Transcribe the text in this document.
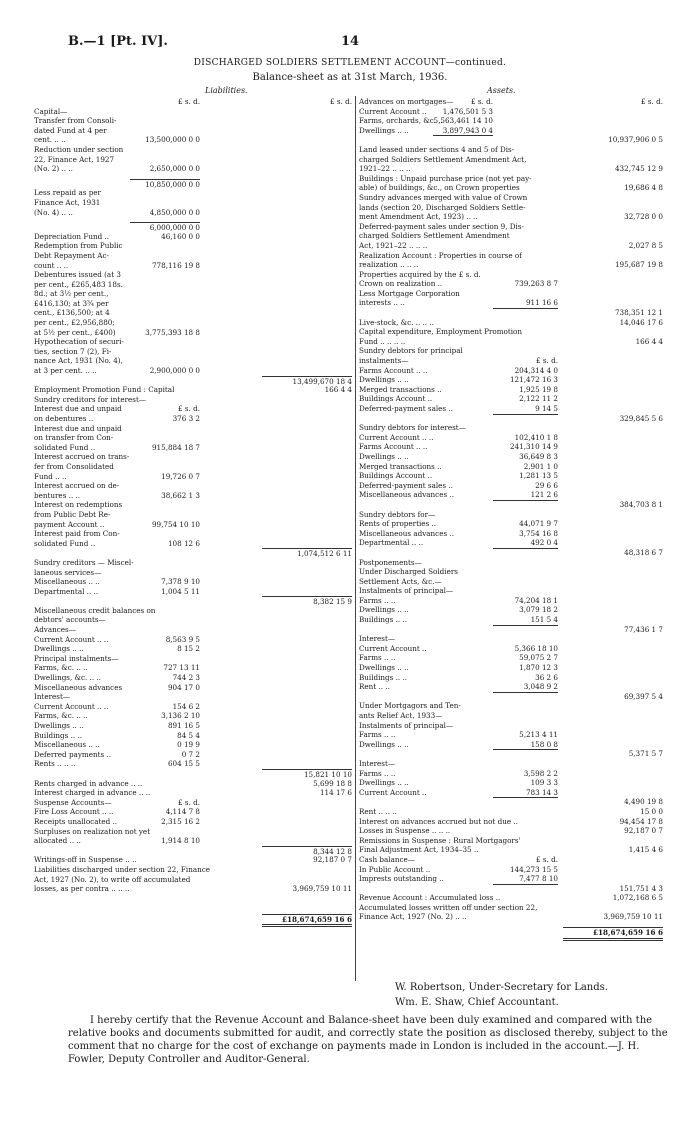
B.—1 [Pt. IV].	14
DISCHARGED SOLDIERS SETTLEMENT ACCOUNT—continued.
Balance-sheet as at 31st March, 1936.
Liabilities.	Assets.
£ s. d.	£ s. d.
Capital—
Transfer from Consoli-
dated Fund at 4 per
cent. .. ..	13,500,000 0 0
Reduction under section
22, Finance Act, 1927
(No. 2) .. ..	2,650,000 0 0
10,850,000 0 0
Less repaid as per
Finance Act, 1931
(No. 4) .. ..	4,850,000 0 0
6,000,000 0 0
Depreciation Fund ..	46,160 0 0
Redemption from Public
Debt Repayment Ac-
count .. ..	778,116 19 8
Debentures issued (at 3
per cent., £265,483 18s.
8d.; at 3½ per cent.,
£416,130; at 3¾ per
cent., £136,500; at 4
per cent., £2,956,880;
at 5½ per cent., £400)	3,775,393 18 8
Hypothecation of securi-
ties, section 7 (2), Fi-
nance Act, 1931 (No. 4),
at 3 per cent. .. ..	2,900,000 0 0
13,499,670 18 4
Employment Promotion Fund : Capital	166 4 4
Sundry creditors for interest—
Interest due and unpaid	£ s. d.
on debentures ..	376 3 2
Interest due and unpaid
on transfer from Con-
solidated Fund ..	915,884 18 7
Interest accrued on trans-
fer from Consolidated
Fund .. ..	19,726 0 7
Interest accrued on de-
bentures .. ..	38,662 1 3
Interest on redemptions
from Public Debt Re-
payment Account ..	99,754 10 10
Interest paid from Con-
solidated Fund ..	108 12 6
1,074,512 6 11
Sundry creditors — Miscel-
laneous services—
Miscellaneous .. ..	7,378 9 10
Departmental .. ..	1,004 5 11
8,382 15 9
Miscellaneous credit balances on
debtors' accounts—
Advances—
Current Account .. ..	8,563 9 5
Dwellings .. ..	8 15 2
Principal instalments—
Farms, &c. .. ..	727 13 11
Dwellings, &c. .. ..	744 2 3
Miscellaneous advances	904 17 0
Interest—
Current Account .. ..	154 6 2
Farms, &c. .. ..	3,136 2 10
Dwellings .. ..	891 16 5
Buildings .. ..	84 5 4
Miscellaneous .. ..	0 19 9
Deferred payments ..	0 7 2
Rents .. .. ..	604 15 5
15,821 10 10
Rents charged in advance .. ..	5,699 18 8
Interest charged in advance .. ..	114 17 6
Suspense Accounts—	£ s. d.
Fire Loss Account .. ..	4,114 7 8
Receipts unallocated ..	2,315 16 2
Surpluses on realization not yet
allocated .. ..	1,914 8 10
8,344 12 8
Writings-off in Suspense .. ..	92,187 0 7
Liabilities discharged under section 22, Finance
Act, 1927 (No. 2), to write off accumulated
losses, as per contra .. .. ..	3,969,759 10 11
£18,674,659 16 6
Advances on mortgages—	£ s. d.	£ s. d.
Current Account ..	1,476,501 5 3
Farms, orchards, &c. ..
5,563,461 14 10
Dwellings .. ..	3,897,943 0 4
10,937,906 0 5
Land leased under sections 4 and 5 of Dis-
charged Soldiers Settlement Amendment Act,
1921–22 .. .. ..	432,745 12 9
Buildings : Unpaid purchase price (not yet pay-
able) of buildings, &c., on Crown properties	19,686 4 8
Sundry advances merged with value of Crown
lands (section 20, Discharged Soldiers Settle-
ment Amendment Act, 1923) .. ..	32,728 0 0
Deferred-payment sales under section 9, Dis-
charged Soldiers Settlement Amendment
Act, 1921–22 .. .. ..	2,027 8 5
Realization Account : Properties in course of
realization .. .. ..	195,687 19 8
Properties acquired by the £ s. d.
Crown on realization ..	739,263 8 7
Less Mortgage Corporation
interests .. ..	911 16 6
738,351 12 1
Live-stock, &c. .. .. ..	14,046 17 6
Capital expenditure, Employment Promotion
Fund .. .. .. ..	166 4 4
Sundry debtors for principal
instalments—	£ s. d.
Farms Account .. ..	204,314 4 0
Dwellings .. ..	121,472 16 3
Merged transactions ..	1,925 19 8
Buildings Account ..	2,122 11 2
Deferred-payment sales ..	9 14 5
329,845 5 6
Sundry debtors for interest—
Current Account .. ..	102,410 1 8
Farms Account .. ..	241,310 14 9
Dwellings .. ..	36,649 8 3
Merged transactions ..	2,901 1 0
Buildings Account ..	1,281 13 5
Deferred-payment sales ..	29 6 6
Miscellaneous advances ..	121 2 6
384,703 8 1
Sundry debtors for—
Rents of properties ..	44,071 9 7
Miscellaneous advances ..	3,754 16 8
Departmental .. ..	492 0 4
48,318 6 7
Postponements—
Under Discharged Soldiers
Settlement Acts, &c.—
Instalments of principal—
Farms .. ..	74,204 18 1
Dwellings .. ..	3,079 18 2
Buildings .. ..	151 5 4
77,436 1 7
Interest—
Current Account ..	5,366 18 10
Farms .. ..	59,075 2 7
Dwellings .. ..	1,870 12 3
Buildings .. ..	36 2 6
Rent .. ..	3,048 9 2
69,397 5 4
Under Mortgagors and Ten-
ants Relief Act, 1933—
Instalments of principal—
Farms .. ..	5,213 4 11
Dwellings .. ..	158 0 8
5,371 5 7
Interest—
Farms .. ..	3,598 2 2
Dwellings .. ..	109 3 3
Current Account ..	783 14 3
4,490 19 8
Rent .. .. ..	15 0 0
Interest on advances accrued but not due ..	94,454 17 8
Losses in Suspense .. .. ..	92,187 0 7
Remissions in Suspense : Rural Mortgagors'
Final Adjustment Act, 1934–35 ..	1,415 4 6
Cash balance—	£ s. d.
In Public Account ..	144,273 15 5
Imprests outstanding ..	7,477 8 10
151,751 4 3
Revenue Account : Accumulated loss ..	1,072,168 6 5
Accumulated losses written off under section 22,
Finance Act, 1927 (No. 2) .. ..	3,969,759 10 11
£18,674,659 16 6
W. Robertson, Under-Secretary for Lands.
Wm. E. Shaw, Chief Accountant.
I hereby certify that the Revenue Account and Balance-sheet have been duly examined and compared with the relative books and documents submitted for audit, and correctly state the position as disclosed thereby, subject to the comment that no charge for the cost of exchange on payments made in London is included in the account.—J. H. Fowler, Deputy Controller and Auditor-General.
